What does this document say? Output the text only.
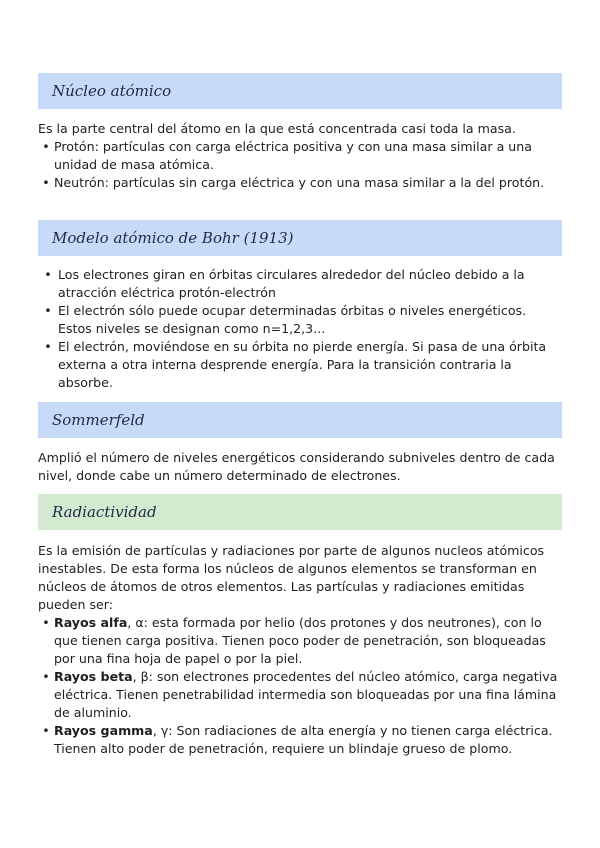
Núcleo atómico
Es la parte central del átomo en la que está concentrada casi toda la masa.
• Protón: partículas con carga eléctrica positiva y con una masa similar a una unidad de masa atómica.
• Neutrón: partículas sin carga eléctrica y con una masa similar a la del protón.
Modelo atómico de Bohr (1913)
• Los electrones giran en órbitas circulares alrededor del núcleo debido a la atracción eléctrica protón-electrón
• El electrón sólo puede ocupar determinadas órbitas o niveles energéticos. Estos niveles se designan como n=1,2,3...
• El electrón, moviéndose en su órbita no pierde energía. Si pasa de una órbita externa a otra interna desprende energía. Para la transición contraria la absorbe.
Sommerfeld
Amplió el número de niveles energéticos considerando subniveles dentro de cada nivel, donde cabe un número determinado de electrones.
Radiactividad
Es la emisión de partículas y radiaciones por parte de algunos nucleos atómicos inestables. De esta forma los núcleos de algunos elementos se transforman en núcleos de átomos de otros elementos. Las partículas y radiaciones emitidas pueden ser:
• Rayos alfa, α: esta formada por helio (dos protones y dos neutrones), con lo que tienen carga positiva. Tienen poco poder de penetración, son bloqueadas por una fina hoja de papel o por la piel.
• Rayos beta, β: son electrones procedentes del núcleo atómico, carga negativa eléctrica. Tienen penetrabilidad intermedia son bloqueadas por una fina lámina de aluminio.
• Rayos gamma, γ: Son radiaciones de alta energía y no tienen carga eléctrica. Tienen alto poder de penetración, requiere un blindaje grueso de plomo.
